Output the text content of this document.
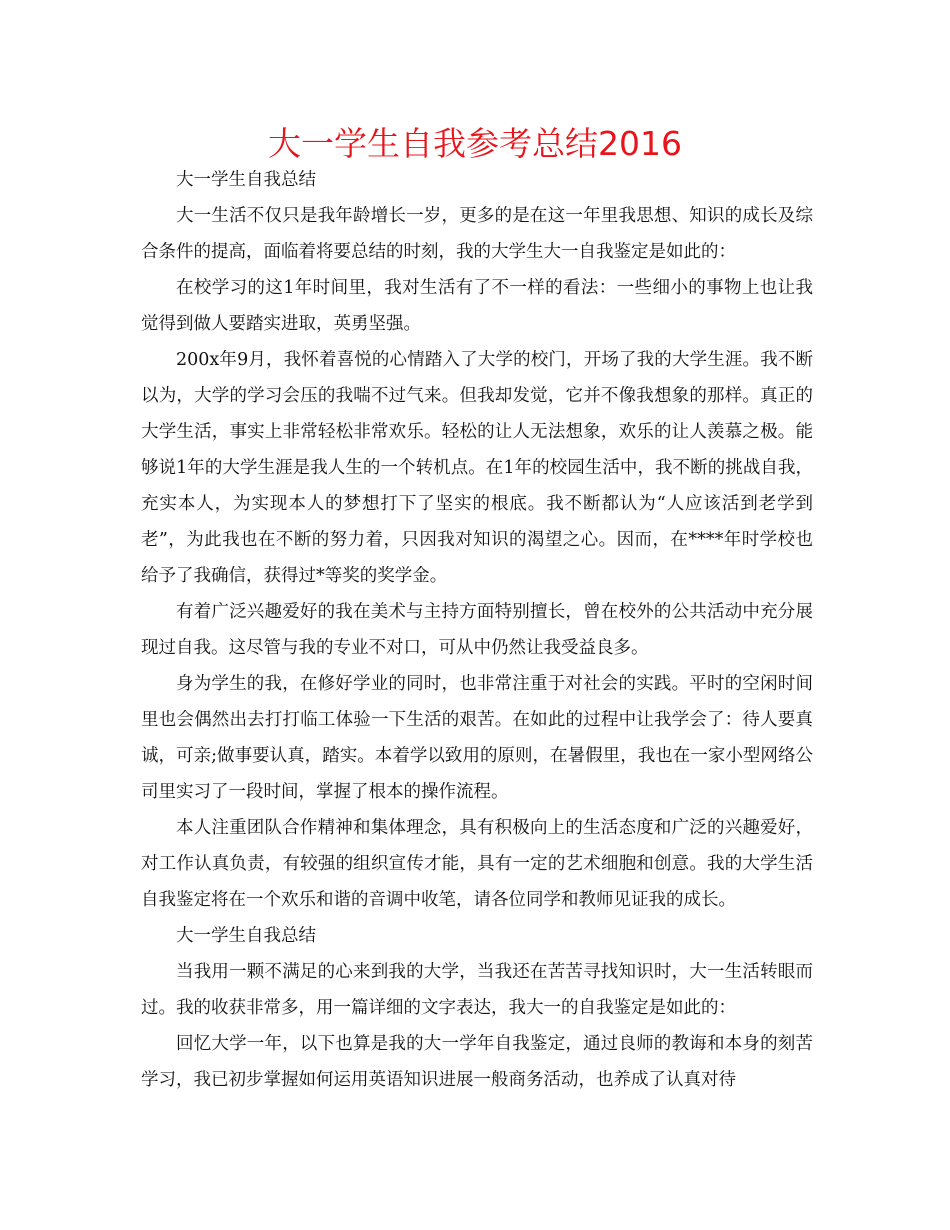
大一学生自我参考总结2016

大一学生自我总结

大一生活不仅只是我年龄增长一岁，更多的是在这一年里我思想、知识的成长及综合条件的提高，面临着将要总结的时刻，我的大学生大一自我鉴定是如此的：

在校学习的这1年时间里，我对生活有了不一样的看法：一些细小的事物上也让我觉得到做人要踏实进取，英勇坚强。

200x年9月，我怀着喜悦的心情踏入了大学的校门，开场了我的大学生涯。我不断以为，大学的学习会压的我喘不过气来。但我却发觉，它并不像我想象的那样。真正的大学生活，事实上非常轻松非常欢乐。轻松的让人无法想象，欢乐的让人羡慕之极。能够说1年的大学生涯是我人生的一个转机点。在1年的校园生活中，我不断的挑战自我，充实本人，为实现本人的梦想打下了坚实的根底。我不断都认为“人应该活到老学到老”，为此我也在不断的努力着，只因我对知识的渴望之心。因而，在****年时学校也给予了我确信，获得过*等奖的奖学金。

有着广泛兴趣爱好的我在美术与主持方面特别擅长，曾在校外的公共活动中充分展现过自我。这尽管与我的专业不对口，可从中仍然让我受益良多。

身为学生的我，在修好学业的同时，也非常注重于对社会的实践。平时的空闲时间里也会偶然出去打打临工体验一下生活的艰苦。在如此的过程中让我学会了：待人要真诚，可亲;做事要认真，踏实。本着学以致用的原则，在暑假里，我也在一家小型网络公司里实习了一段时间，掌握了根本的操作流程。

本人注重团队合作精神和集体理念，具有积极向上的生活态度和广泛的兴趣爱好，对工作认真负责，有较强的组织宣传才能，具有一定的艺术细胞和创意。我的大学生活自我鉴定将在一个欢乐和谐的音调中收笔，请各位同学和教师见证我的成长。

大一学生自我总结

当我用一颗不满足的心来到我的大学，当我还在苦苦寻找知识时，大一生活转眼而过。我的收获非常多，用一篇详细的文字表达，我大一的自我鉴定是如此的：

回忆大学一年，以下也算是我的大一学年自我鉴定，通过良师的教诲和本身的刻苦学习，我已初步掌握如何运用英语知识进展一般商务活动，也养成了认真对待
